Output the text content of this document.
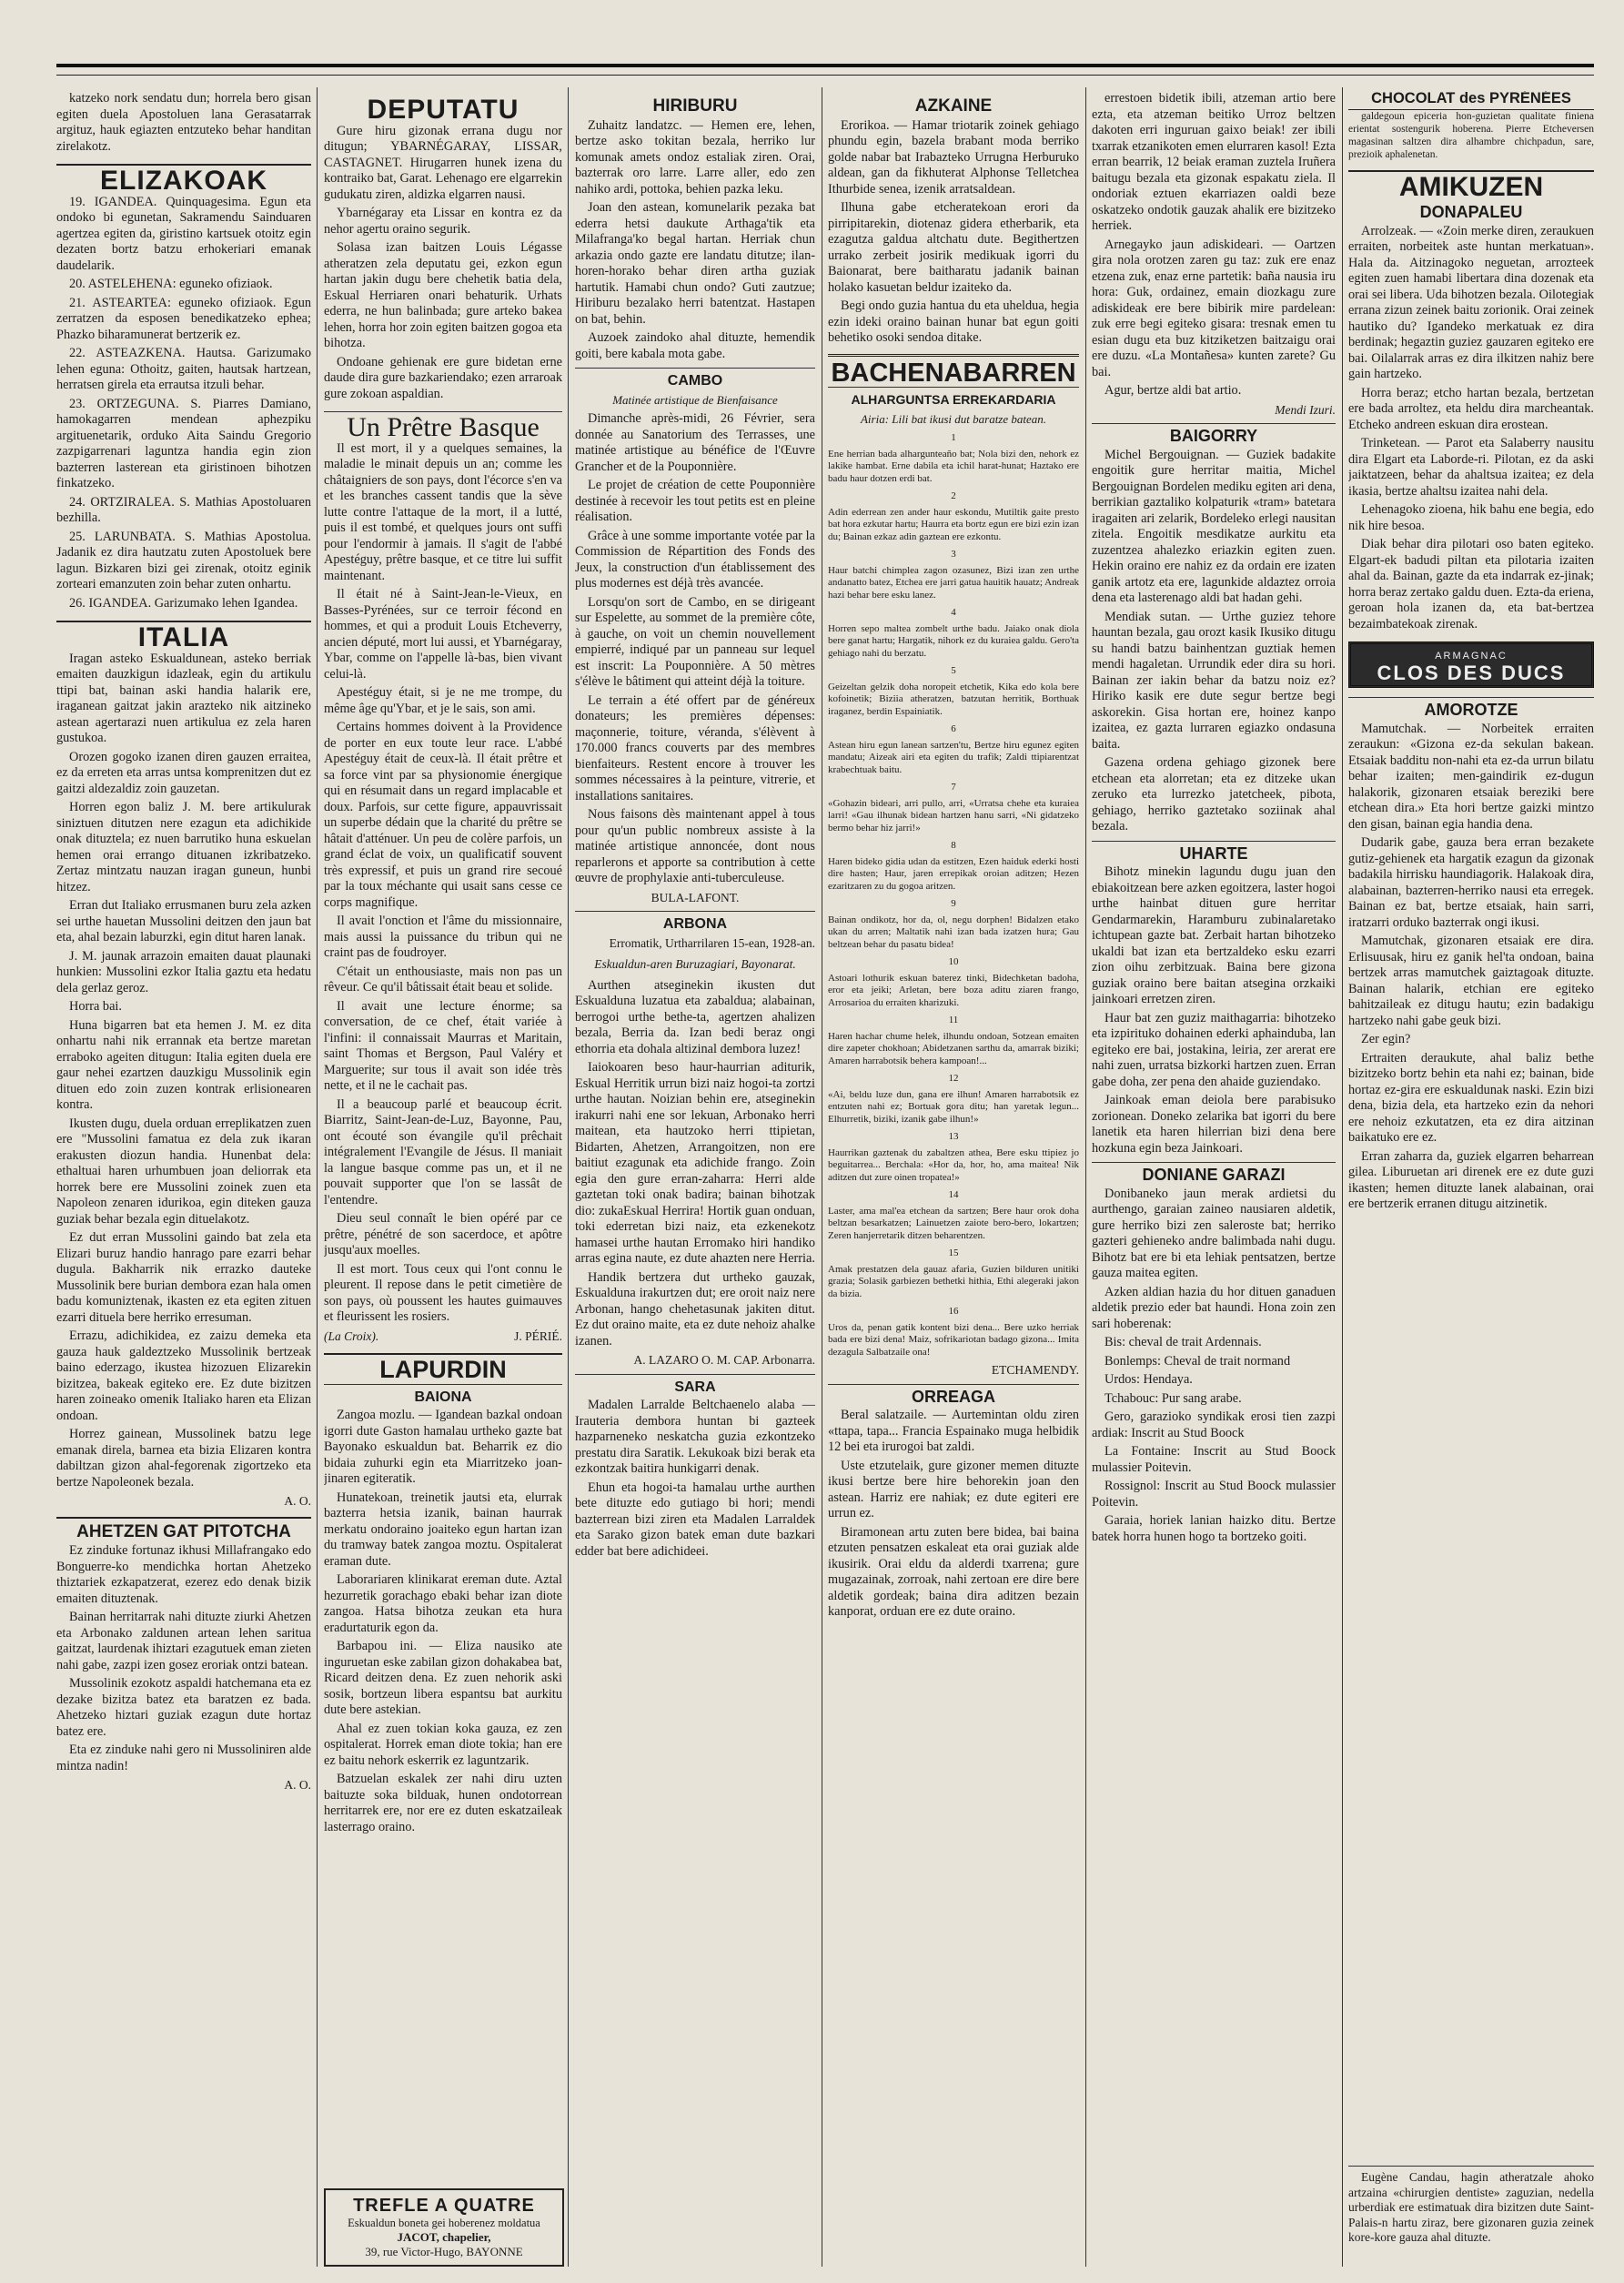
katzeko nork sendatu dun; horrela bero gisan egiten duela Apostoluen lana Gerasatarrak argituz, hauk egiazten entzuteko behar handitan zirelakotz.

ELIZAKOAK

19. IGANDEA. Quinquagesima. Egun eta ondoko bi egunetan, Sakramendu Sainduaren agertzea egiten da, giristino kartsuek otoitz egin dezaten bortz batzu erhokeriari emanak daudelarik.

20. ASTELEHENA: eguneko ofiziaok.

21. ASTEARTEA: eguneko ofiziaok. Egun zerratzen da esposen benedikatzeko ephea; Phazko biharamunerat bertzerik ez.

22. ASTEAZKENA. Hautsa. Garizumako lehen eguna: Othoitz, gaiten, hautsak hartzean, herratsen girela eta errautsa itzuli behar.

23. ORTZEGUNA. S. Piarres Damiano, hamokagarren mendean aphezpiku argituenetarik, orduko Aita Saindu Gregorio zazpigarrenari laguntza handia egin zion bazterren lasterean eta giristinoen bihotzen finkatzeko.

24. ORTZIRALEA. S. Mathias Apostoluaren bezhilla.

25. LARUNBATA. S. Mathias Apostolua. Jadanik ez dira hautzatu zuten Apostoluek bere lagun. Bizkaren bizi gei zirenak, otoitz eginik zorteari emanzuten zoin behar zuten onhartu.

26. IGANDEA. Garizumako lehen Igandea.

ITALIA

Iragan asteko Eskualdunean, asteko berriak emaiten dauzkigun idazleak, egin du artikulu ttipi bat, bainan aski handia halarik ere, iraganean gaitzat jakin arazteko nik aitzineko astean agertarazi nuen artikulua ez zela haren gustukoa.

Orozen gogoko izanen diren gauzen erraitea, ez da erreten eta arras untsa komprenitzen dut ez gaitzi aldezaldiz zoin gauzetan.

Horren egon baliz J. M. bere artikulurak siniztuen ditutzen nere ezagun eta adichikide onak dituztela; ez nuen barrutiko huna eskuelan hemen orai errango dituanen izkribatzeko. Zertaz mintzatu nauzan iragan guneun, hunbi hitzez.

Erran dut Italiako errusmanen buru zela azken sei urthe hauetan Mussolini deitzen den jaun bat eta, ahal bezain laburzki, egin ditut haren lanak.

J. M. jaunak arrazoin emaiten dauat plaunaki hunkien: Mussolini ezkor Italia gaztu eta hedatu dela gerlaz geroz.

Horra bai.

Huna bigarren bat eta hemen J. M. ez dita onhartu nahi nik errannak eta bertze maretan erraboko ageiten ditugun: Italia egiten duela ere gaur nehei ezartzen dauzkigu Mussolinik egin dituen edo zoin zuzen kontrak erlisionearen kontra.

Ikusten dugu, duela orduan erreplikatzen zuen ere "Mussolini famatua ez dela zuk ikaran erakusten diozun handia. Hunenbat dela: ethaltuai haren urhumbuen joan deliorrak eta horrek bere ere Mussolini zoinek zuen eta Napoleon zenaren idurikoa, egin diteken gauza guziak behar bezala egin dituelakotz.

Ez dut erran Mussolini gaindo bat zela eta Elizari buruz handio hanrago pare ezarri behar dugula. Bakharrik nik errazko dauteke Mussolinik bere burian dembora ezan hala omen badu komuniztenak, ikasten ez eta egiten zituen ezarri dituela bere herriko erresuman.

Errazu, adichikidea, ez zaizu demeka eta gauza hauk galdeztzeko Mussolinik bertzeak baino ederzago, ikustea hizozuen Elizarekin bizitzea, bakeak egiteko ere. Ez dute bizitzen haren zoineako omenik Italiako haren eta Elizan ondoan.

Horrez gainean, Mussolinek batzu lege emanak direla, barnea eta bizia Elizaren kontra dabiltzan gizon ahal-fegorenak zigortzeko eta bertze Napoleonek bezala.

A. O.
AHETZEN GAT PITOTCHA

Ez zinduke fortunaz ikhusi Millafrangako edo Bonguerre-ko mendichka hortan Ahetzeko thiztariek ezkapatzerat, ezerez edo denak bizik emaiten dituztenak.

Bainan herritarrak nahi dituzte ziurki Ahetzen eta Arbonako zaldunen artean lehen saritua gaitzat, laurdenak ihiztari ezagutuek eman zieten nahi gabe, zazpi izen gosez eroriak ontzi batean.

Mussolinik ezokotz aspaldi hatchemana eta ez dezake bizitza batez eta baratzen ez bada. Ahetzeko hiztari guziak ezagun dute hortaz batez ere.

Eta ez zinduke nahi gero ni Mussoliniren alde mintza nadin!

A. O.
DEPUTATU

Gure hiru gizonak errana dugu nor ditugun; YBARNÉGARAY, LISSAR, CASTAGNET. Hirugarren hunek izena du kontraiko bat, Garat. Lehenago ere elgarrekin gudukatu ziren, aldizka elgarren nausi.

Ybarnégaray eta Lissar en kontra ez da nehor agertu oraino segurik.

Solasa izan baitzen Louis Légasse atheratzen zela deputatu gei, ezkon egun hartan jakin dugu bere chehetik batia dela, Eskual Herriaren onari behaturik. Urhats ederra, ne hun balinbada; gure arteko bakea lehen, horra hor zoin egiten baitzen gogoa eta bihotza.

Ondoane gehienak ere gure bidetan erne daude dira gure bazkariendako; ezen arraroak gure zokoan aspaldian.

Un Prêtre Basque

Il est mort, il y a quelques semaines, la maladie le minait depuis un an; comme les châtaigniers de son pays, dont l'écorce s'en va et les branches cassent tandis que la sève lutte contre l'attaque de la mort, il a lutté, puis il est tombé, et quelques jours ont suffi pour l'endormir à jamais. Il s'agit de l'abbé Apestéguy, prêtre basque, et ce titre lui suffit maintenant.

Il était né à Saint-Jean-le-Vieux, en Basses-Pyrénées, sur ce terroir fécond en hommes, et qui a produit Louis Etcheverry, ancien député, mort lui aussi, et Ybarnégaray, Ybar, comme on l'appelle là-bas, bien vivant celui-là.

Apestéguy était, si je ne me trompe, du même âge qu'Ybar, et je le sais, son ami.

Certains hommes doivent à la Providence de porter en eux toute leur race. L'abbé Apestéguy était de ceux-là. Il était prêtre et sa force vint par sa physionomie énergique qui en résumait dans un regard implacable et doux. Parfois, sur cette figure, appauvrissait un superbe dédain que la charité du prêtre se hâtait d'atténuer. Un peu de colère parfois, un grand éclat de voix, un qualificatif souvent très expressif, et puis un grand rire secoué par la toux méchante qui usait sans cesse ce corps magnifique.

Il avait l'onction et l'âme du missionnaire, mais aussi la puissance du tribun qui ne craint pas de foudroyer.

C'était un enthousiaste, mais non pas un rêveur. Ce qu'il bâtissait était beau et solide.

Il avait une lecture énorme; sa conversation, de ce chef, était variée à l'infini: il connaissait Maurras et Maritain, saint Thomas et Bergson, Paul Valéry et Marguerite; sur tous il avait son idée très nette, et il ne le cachait pas.

Il a beaucoup parlé et beaucoup écrit. Biarritz, Saint-Jean-de-Luz, Bayonne, Pau, ont écouté son évangile qu'il prêchait intégralement l'Evangile de Jésus. Il maniait la langue basque comme pas un, et il ne pouvait supporter que l'on se lassât de l'entendre.

Dieu seul connaît le bien opéré par ce prêtre, pénétré de son sacerdoce, et apôtre jusqu'aux moelles.

Il est mort. Tous ceux qui l'ont connu le pleurent. Il repose dans le petit cimetière de son pays, où poussent les hautes guimauves et fleurissent les rosiers.

(La Croix).	J. PÉRIÉ.
LAPURDIN
BAIONA

Zangoa mozlu. — Igandean bazkal ondoan igorri dute Gaston hamalau urtheko gazte bat Bayonako eskualdun bat. Beharrik ez dio bidaia zuhurki egin eta Miarritzeko joan-jinaren egiteratik.

Hunatekoan, treinetik jautsi eta, elurrak bazterra hetsia izanik, bainan haurrak merkatu ondoraino joaiteko egun hartan izan du tramway batek zangoa moztu. Ospitalerat eraman dute.

Laborariaren klinikarat ereman dute. Aztal hezurretik gorachago ebaki behar izan diote zangoa. Hatsa bihotza zeukan eta hura eradurtaturik egon da.

Barbapou ini. — Eliza nausiko ate inguruetan eske zabilan gizon dohakabea bat, Ricard deitzen dena. Ez zuen nehorik aski sosik, bortzeun libera espantsu bat aurkitu dute bere astekian.

Ahal ez zuen tokian koka gauza, ez zen ospitalerat. Horrek eman diote tokia; han ere ez baitu nehork eskerrik ez laguntzarik.

Batzuelan eskalek zer nahi diru uzten baituzte soka bilduak, hunen ondotorrean herritarrek ere, nor ere ez duten eskatzaileak lasterrago oraino.

TREFLE A QUATRE
Eskualdun boneta gei hoberenez moldatua
JACOT, chapelier,
39, rue Victor-Hugo, BAYONNE
HIRIBURU

Zuhaitz landatzc. — Hemen ere, lehen, bertze asko tokitan bezala, herriko lur komunak amets ondoz estaliak ziren. Orai, bazterrak oro larre. Larre aller, edo zen nahiko ardi, pottoka, behien pazka leku.

Joan den astean, komunelarik pezaka bat ederra hetsi daukute Arthaga'tik eta Milafranga'ko begal hartan. Herriak chun arkazia ondo gazte ere landatu ditutze; ilan-horen-horako behar diren artha guziak hartutik. Hamabi chun ondo? Guti zautzue; Hiriburu bezalako herri batentzat. Hastapen on bat, behin.

Auzoek zaindoko ahal dituzte, hemendik goiti, bere kabala mota gabe.

CAMBO
Matinée artistique de Bienfaisance

Dimanche après-midi, 26 Février, sera donnée au Sanatorium des Terrasses, une matinée artistique au bénéfice de l'Œuvre Grancher et de la Pouponnière.

Le projet de création de cette Pouponnière destinée à recevoir les tout petits est en pleine réalisation.

Grâce à une somme importante votée par la Commission de Répartition des Fonds des Jeux, la construction d'un établissement des plus modernes est déjà très avancée.

Lorsqu'on sort de Cambo, en se dirigeant sur Espelette, au sommet de la première côte, à gauche, on voit un chemin nouvellement empierré, indiqué par un panneau sur lequel est inscrit: La Pouponnière. A 50 mètres s'élève le bâtiment qui atteint déjà la toiture.

Le terrain a été offert par de généreux donateurs; les premières dépenses: maçonnerie, toiture, véranda, s'élèvent à 170.000 francs couverts par des membres bienfaiteurs. Restent encore à trouver les sommes nécessaires à la peinture, vitrerie, et installations sanitaires.

Nous faisons dès maintenant appel à tous pour qu'un public nombreux assiste à la matinée artistique annoncée, dont nous reparlerons et apporte sa contribution à cette œuvre de prophylaxie anti-tuberculeuse.

BULA-LAFONT.
ARBONA
Erromatik, Urtharrilaren 15-ean, 1928-an.
Eskualdun-aren Buruzagiari, Bayonarat.

Aurthen atseginekin ikusten dut Eskualduna luzatua eta zabaldua; alabainan, berrogoi urthe bethe-ta, agertzen ahalizen bezala, Berria da. Izan bedi beraz ongi ethorria eta dohala altizinal dembora luzez!

Iaiokoaren beso haur-haurrian aditurik, Eskual Herritik urrun bizi naiz hogoi-ta zortzi urthe hautan. Noizian behin ere, atseginekin irakurri nahi ene sor lekuan, Arbonako herri maitean, eta hautzoko herri ttipietan, Bidarten, Ahetzen, Arrangoitzen, non ere baitiut ezagunak eta adichide frango. Zoin egia den gure erran-zaharra: Herri alde gaztetan toki onak badira; bainan bihotzak dio: zukaEskual Herrira! Hortik guan onduan, toki ederretan bizi naiz, eta ezkenekotz hamasei urthe hautan Erromako hiri handiko arras egina naute, ez dute ahazten nere Herria.

Handik bertzera dut urtheko gauzak, Eskualduna irakurtzen dut; ere oroit naiz nere Arbonan, hango chehetasunak jakiten ditut. Ez dut oraino maite, eta ez dute nehoiz ahalke izanen.

A. LAZARO O. M. CAP. Arbonarra.
SARA

Madalen Larralde Beltchaenelo alaba — Irauteria dembora huntan bi gazteek hazparneneko neskatcha guzia ezkontzeko prestatu dira Saratik. Lekukoak bizi berak eta ezkontzak baitira hunkigarri denak.

Ehun eta hogoi-ta hamalau urthe aurthen bete dituzte edo gutiago bi hori; mendi bazterrean bizi ziren eta Madalen Larraldek eta Sarako gizon batek eman dute bazkari edder bat bere adichideei.

AZKAINE

Erorikoa. — Hamar triotarik zoinek gehiago phundu egin, bazela brabant moda berriko golde nabar bat Irabazteko Urrugna Herburuko aldean, gan da fikhuterat Alphonse Telletchea Ithurbide senea, izenik arratsaldean.

Ilhuna gabe etcheratekoan erori da pirripitarekin, diotenaz gidera etherbarik, eta ezagutza galdua altchatu dute. Begithertzen urrako zerbeit josirik medikuak igorri du Baionarat, bere baitharatu jadanik bainan holako kasuetan beldur izaiteko da.

Begi ondo guzia hantua du eta uheldua, hegia ezin ideki oraino bainan hunar bat egun goiti behetiko osoki sendoa ditake.

BACHENABARREN
ALHARGUNTSA ERREKARDARIA
Airia: Lili bat ikusi dut baratze batean.
1

Ene herrian bada alhargunteaño bat; Nola bizi den, nehork ez lakike hambat. Erne dabila eta ichil harat-hunat; Haztako ere badu haur dotzen erdi bat.

2

Adin ederrean zen ander haur eskondu, Mutiltik gaite presto bat hora ezkutar hartu; Haurra eta bortz egun ere bizi ezin izan du; Bainan ezkaz adin gaztean ere ezkontu.

3

Haur batchi chimplea zagon ozasunez, Bizi izan zen urthe andanatto batez, Etchea ere jarri gatua hauitik hauatz; Andreak hazi behar bere esku lanez.

4

Horren sepo maltea zombelt urthe badu. Jaiako onak diola bere ganat hartu; Hargatik, nihork ez du kuraiea galdu. Gero'ta gehiago nahi du berzatu.

5

Geizeltan gelzik doha noropeit etchetik, Kika edo kola bere kofoinetik; Biziia atheratzen, batzutan herritik, Borthuak iraganez, berdin Espainiatik.

6

Astean hiru egun lanean sartzen'tu, Bertze hiru egunez egiten mandatu; Aizeak airi eta egiten du trafik; Zaldi ttipiarentzat krabechtuak baitu.

7

«Gohazin bideari, arri pullo, arri, «Urratsa chehe eta kuraiea larri! «Gau ilhunak bidean hartzen hanu sarri, «Ni gidatzeko bermo behar hiz jarri!»

8

Haren bideko gidia udan da estitzen, Ezen haiduk ederki hosti dire hasten; Haur, jaren errepikak oroian aditzen; Hezen ezaritzaren zu du gogoa aritzen.

9

Bainan ondikotz, hor da, ol, negu dorphen! Bidalzen etako ukan du arren; Maltatik nahi izan bada izatzen hura; Gau beltzean behar du pasatu bidea!

10

Astoari lothurik eskuan baterez tinki, Bidechketan badoha, eror eta jeiki; Arletan, bere boza aditu ziaren frango, Arrosarioa du erraiten kharizuki.

11

Haren hachar chume helek, ilhundu ondoan, Sotzean emaiten dire zapeter chokhoan; Abidetzanen sarthu da, amarrak biziki; Amaren harrabotsik behera kampoan!...

12

«Ai, beldu luze dun, gana ere ilhun! Amaren harrabotsik ez entzuten nahi ez; Bortuak gora ditu; han yaretak legun... Elhurretik, biziki, izanik gabe ilhun!»

13

Haurrikan gaztenak du zabaltzen athea, Bere esku ttipiez jo beguitarrea... Berchala: «Hor da, hor, ho, ama maitea! Nik aditzen dut zure oinen tropatea!»

14

Laster, ama mal'ea etchean da sartzen; Bere haur orok doha beltzan besarkatzen; Lainuetzen zaiote bero-bero, lokartzen; Zeren hanjerretarik ditzen beharentzen.

15

Amak prestatzen dela gauaz afaria, Guzien bilduren unitiki grazia; Solasik garbiezen bethetki hithia, Ethi alegeraki jakon da bizia.

16

Uros da, penan gatik kontent bizi dena... Bere uzko herriak bada ere bizi dena! Maiz, sofrikariotan badago gizona... Imita dezagula Salbatzaile ona!

ETCHAMENDY.
ORREAGA

Beral salatzaile. — Aurtemintan oldu ziren «ttapa, tapa... Francia Espainako muga helbidik 12 bei eta irurogoi bat zaldi.

Uste etzutelaik, gure gizoner memen dituzte ikusi bertze bere hire behorekin joan den astean. Harriz ere nahiak; ez dute egiteri ere urrun ez.

Biramonean artu zuten bere bidea, bai baina etzuten pensatzen eskaleat eta orai guziak alde ikusirik. Orai eldu da alderdi txarrena; gure mugazainak, zorroak, nahi zertoan ere dire bere aldetik gordeak; baina dira aditzen bezain kanporat, orduan ere ez dute oraino.

errestoen bidetik ibili, atzeman artio bere ezta, eta atzeman beitiko Urroz beltzen dakoten erri inguruan gaixo beiak! zer ibili txarrak etzanikoten emen elurraren kasol! Ezta erran bearrik, 12 beiak eraman zuztela Iruñera baitugu bezala eta gizonak espakatu ziela. Il ondoriak eztuen ekarriazen oaldi beze oskatzeko ondotik gauzak ahalik ere bizitzeko herriek.

Arnegayko jaun adiskideari. — Oartzen gira nola orotzen zaren gu taz: zuk ere enaz etzena zuk, enaz erne partetik: baña nausia iru hora: Guk, ordainez, emain diozkagu zure adiskideak ere bere bibirik mire pardelean: zuk erre begi egiteko gisara: tresnak emen tu esian dugu eta buz kitziketzen baitzaigu orai ere duzu. «La Montañesa» kunten zarete? Gu bai.

Agur, bertze aldi bat artio.

Mendi Izuri.
BAIGORRY

Michel Bergouignan. — Guziek badakite engoitik gure herritar maitia, Michel Bergouignan Bordelen mediku egiten ari dena, berrikian gaztaliko kolpaturik «tram» batetara iragaiten ari zelarik, Bordeleko erlegi nausitan zitela. Engoitik mesdikatze aurkitu eta zuzentzea ahalezko eriazkin egiten zuen. Hekin oraino ere nahiz ez da ordain ere izaten ganik artotz eta ere, lagunkide aldaztez orroia dena eta lasterenago aldi bat hadan gehi.

Mendiak sutan. — Urthe guziez tehore hauntan bezala, gau orozt kasik Ikusiko ditugu su handi batzu bainhentzan guztiak hemen mendi hagaletan. Urrundik eder dira su hori. Bainan zer iakin behar da batzu noiz ez? Hiriko kasik ere dute segur bertze begi askorekin. Gisa hortan ere, hoinez kanpo izaitea, ez gazta lurraren egiazko ondasuna baita.

Gazena ordena gehiago gizonek bere etchean eta alorretan; eta ez ditzeke ukan zeruko eta lurrezko jatetcheek, pibota, gehiago, herriko gaztetako soziinak ahal bezala.

UHARTE

Bihotz minekin lagundu dugu juan den ebiakoitzean bere azken egoitzera, laster hogoi urthe hainbat dituen gure herritar Gendarmarekin, Haramburu zubinalaretako ichtupean gazte bat. Zerbait hartan bihotzeko ukaldi bat izan eta bertzaldeko esku ezarri zion oihu zerbitzuak. Baina bere gizona guziak oraino bere baitan atsegina orzkaiki jainkoari erretzen ziren.

Haur bat zen guziz maithagarria: bihotzeko eta izpirituko dohainen ederki aphainduba, lan egiteko ere bai, jostakina, leiria, zer arerat ere nahi zuen, urratsa bizkorki hartzen zuen. Erran gabe doha, zer pena den ahaide guziendako.

Jainkoak eman deiola bere parabisuko zorionean. Doneko zelarika bat igorri du bere lanetik eta haren hilerrian bizi dena bere hozkuna egin beza Jainkoari.

DONIANE GARAZI

Donibaneko jaun merak ardietsi du aurthengo, garaian zaineo nausiaren aldetik, gure herriko bizi zen saleroste bat; herriko gazteri gehieneko andre balimbada nahi dugu. Bihotz bat ere bi eta lehiak pentsatzen, bertze gauza maitea egiten.

Azken aldian hazia du hor dituen ganaduen aldetik prezio eder bat haundi. Hona zoin zen sari hoberenak:

Bis: cheval de trait Ardennais.

Bonlemps: Cheval de trait normand

Urdos: Hendaya.

Tchabouc: Pur sang arabe.

Gero, garazioko syndikak erosi tien zazpi ardiak: Inscrit au Stud Boock

La Fontaine: Inscrit au Stud Boock mulassier Poitevin.

Rossignol: Inscrit au Stud Boock mulassier Poitevin.

Garaia, horiek lanian haizko ditu. Bertze batek horra hunen hogo ta bortzeko goiti.

CHOCOLAT des PYRÉNÉES

galdegoun epiceria hon-guzietan qualitate finiena erientat sostengurik hoberena. Pierre Etcheversen magasinan saltzen dira alhambre chichpadun, sare, prezioik aphalenetan.

AMIKUZEN
DONAPALEU

Arrolzeak. — «Zoin merke diren, zeraukuen erraiten, norbeitek aste huntan merkatuan». Hala da. Aitzinagoko neguetan, arrozteek egiten zuen hamabi libertara dina dozenak eta orai sei libera. Uda bihotzen bezala. Oilotegiak errana zizun zeinek baitu zorionik. Orai zeinek hautiko du? Igandeko merkatuak ez dira berdinak; hegaztin guziez gauzaren egiteko ere bai. Oilalarrak arras ez dira ilkitzen nahiz bere gain hartzeko.

Horra beraz; etcho hartan bezala, bertzetan ere bada arroltez, eta heldu dira marcheantak. Etcheko andreen eskuan dira erostean.

Trinketean. — Parot eta Salaberry nausitu dira Elgart eta Laborde-ri. Pilotan, ez da aski jaiktatzeen, behar da ahaltsua izaitea; ez dela ikasia, bertze ahaltsu izaitea nahi dela.

Lehenagoko zioena, hik bahu ene begia, edo nik hire besoa.

Diak behar dira pilotari oso baten egiteko. Elgart-ek badudi piltan eta pilotaria izaiten ahal da. Bainan, gazte da eta indarrak ez-jinak; horra beraz zertako galdu duen. Ezta-da eriena, geroan hola izanen da, eta bat-bertzea bezaimbatekoak zirenak.

ARMAGNAC
CLOS DES DUCS
AMOROTZE

Mamutchak. — Norbeitek erraiten zeraukun: «Gizona ez-da sekulan bakean. Etsaiak badditu non-nahi eta ez-da urrun bilatu behar izaiten; men-gaindirik ez-dugun halakorik, gizonaren etsaiak bereziki bere etchean dira.» Eta hori bertze gaizki mintzo den gisan, bainan egia handia dena.

Dudarik gabe, gauza bera erran bezakete gutiz-gehienek eta hargatik ezagun da gizonak badakila hirrisku haundiagorik. Halakoak dira, alabainan, bazterren-herriko nausi eta erregek. Bainan ez bat, bertze etsaiak, hain sarri, iratzarri orduko bazterrak ongi ikusi.

Mamutchak, gizonaren etsaiak ere dira. Erlisuusak, hiru ez ganik hel'ta ondoan, baina bertzek arras mamutchek gaiztagoak dituzte. Bainan halarik, etchian ere egiteko bahitzaileak ez ditugu hautu; ezin badakigu hartzeko nahi gabe geuk bizi.

Zer egin?

Ertraiten deraukute, ahal baliz bethe bizitzeko bortz behin eta nahi ez; bainan, bide hortaz ez-gira ere eskualdunak naski. Ezin bizi dena, bizia dela, eta hartzeko ezin da nehori ere nehoiz ezkutatzen, eta ez dira aitzinan baikatuko ere ez.

Erran zaharra da, guziek elgarren beharrean gilea. Liburuetan ari direnek ere ez dute guzi ikasten; hemen dituzte lanek alabainan, orai ere bertzerik erranen ditugu aitzinetik.

Eugène Candau, hagin atheratzale ahoko artzaina «chirurgien dentiste» zaguzian, nedella urberdiak ere estimatuak dira bizitzen dute Saint-Palais-n hartu ziraz, bere gizonaren guzia zeinek kore-kore gauza ahal dituzte.
